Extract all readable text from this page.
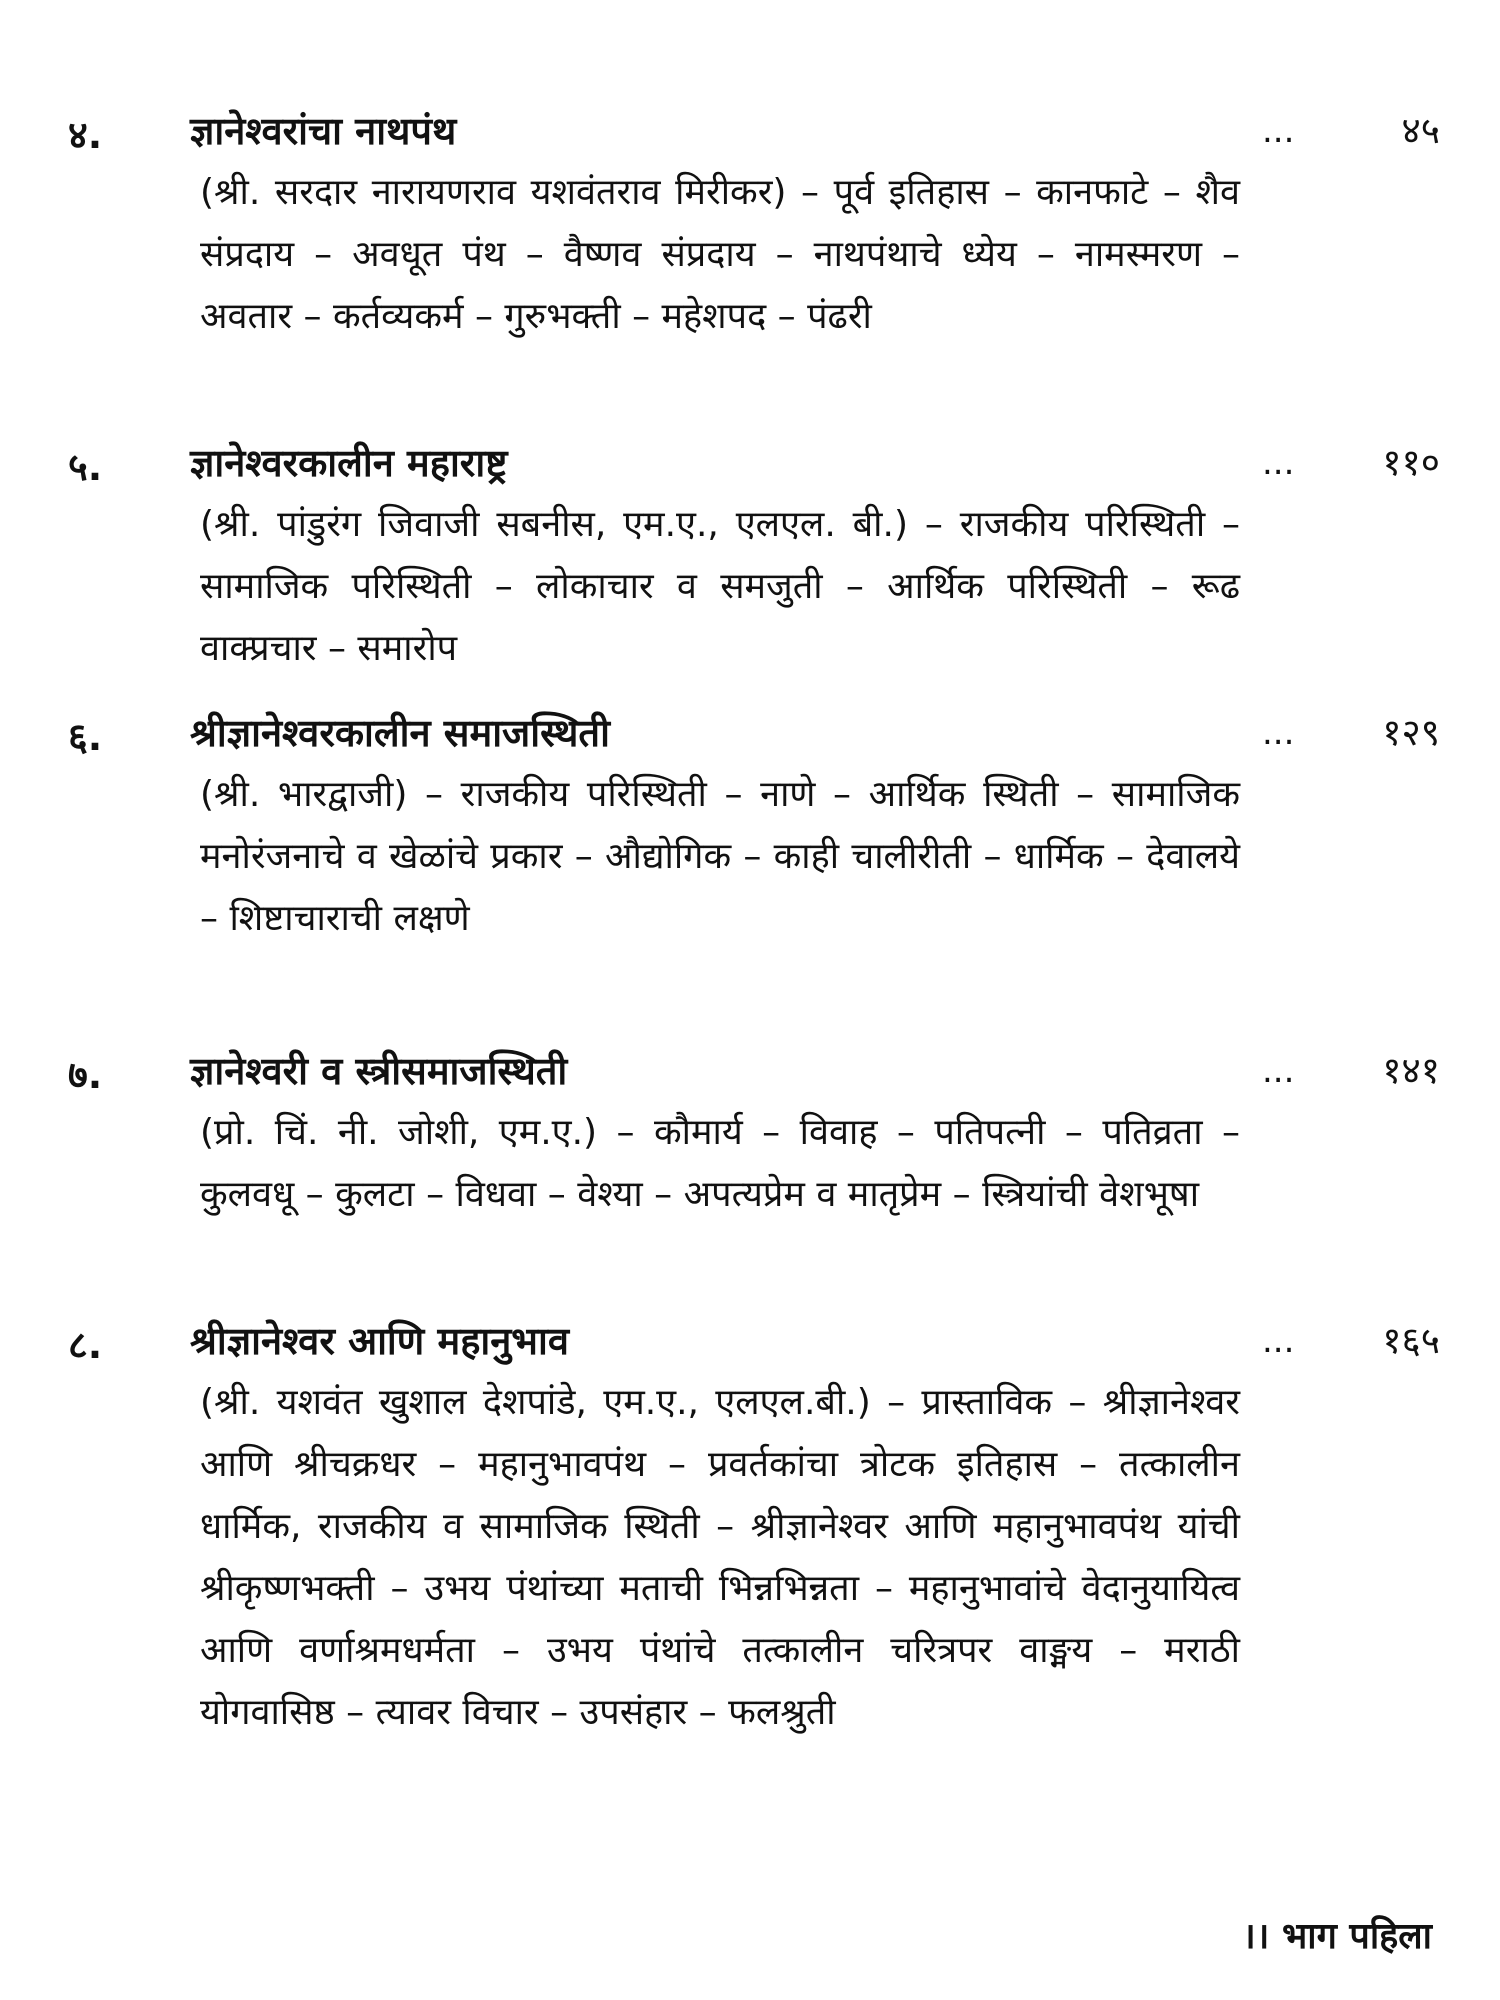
४.	ज्ञानेश्वरांचा नाथपंथ	...	४५
(श्री. सरदार नारायणराव यशवंतराव मिरीकर) – पूर्व इतिहास – कानफाटे – शैव संप्रदाय – अवधूत पंथ – वैष्णव संप्रदाय – नाथपंथाचे ध्येय – नामस्मरण – अवतार – कर्तव्यकर्म – गुरुभक्ती – महेशपद – पंढरी
५.	ज्ञानेश्वरकालीन महाराष्ट्र	...	११०
(श्री. पांडुरंग जिवाजी सबनीस, एम.ए., एलएल. बी.) – राजकीय परिस्थिती – सामाजिक परिस्थिती – लोकाचार व समजुती – आर्थिक परिस्थिती – रूढ वाक्प्रचार – समारोप
६.	श्रीज्ञानेश्वरकालीन समाजस्थिती	...	१२९
(श्री. भारद्वाजी) – राजकीय परिस्थिती – नाणे – आर्थिक स्थिती – सामाजिक मनोरंजनाचे व खेळांचे प्रकार – औद्योगिक – काही चालीरीती – धार्मिक – देवालये – शिष्टाचाराची लक्षणे
७.	ज्ञानेश्वरी व स्त्रीसमाजस्थिती	...	१४१
(प्रो. चिं. नी. जोशी, एम.ए.) – कौमार्य – विवाह – पतिपत्नी – पतिव्रता – कुलवधू – कुलटा – विधवा – वेश्या – अपत्यप्रेम व मातृप्रेम – स्त्रियांची वेशभूषा
८.	श्रीज्ञानेश्वर आणि महानुभाव	...	१६५
(श्री. यशवंत खुशाल देशपांडे, एम.ए., एलएल.बी.) – प्रास्ताविक – श्रीज्ञानेश्वर आणि श्रीचक्रधर – महानुभावपंथ – प्रवर्तकांचा त्रोटक इतिहास – तत्कालीन धार्मिक, राजकीय व सामाजिक स्थिती – श्रीज्ञानेश्वर आणि महानुभावपंथ यांची श्रीकृष्णभक्ती – उभय पंथांच्या मताची भिन्नभिन्नता – महानुभावांचे वेदानुयायित्व आणि वर्णाश्रमधर्मता – उभय पंथांचे तत्कालीन चरित्रपर वाङ्मय – मराठी योगवासिष्ठ – त्यावर विचार – उपसंहार – फलश्रुती
।। भाग पहिला
